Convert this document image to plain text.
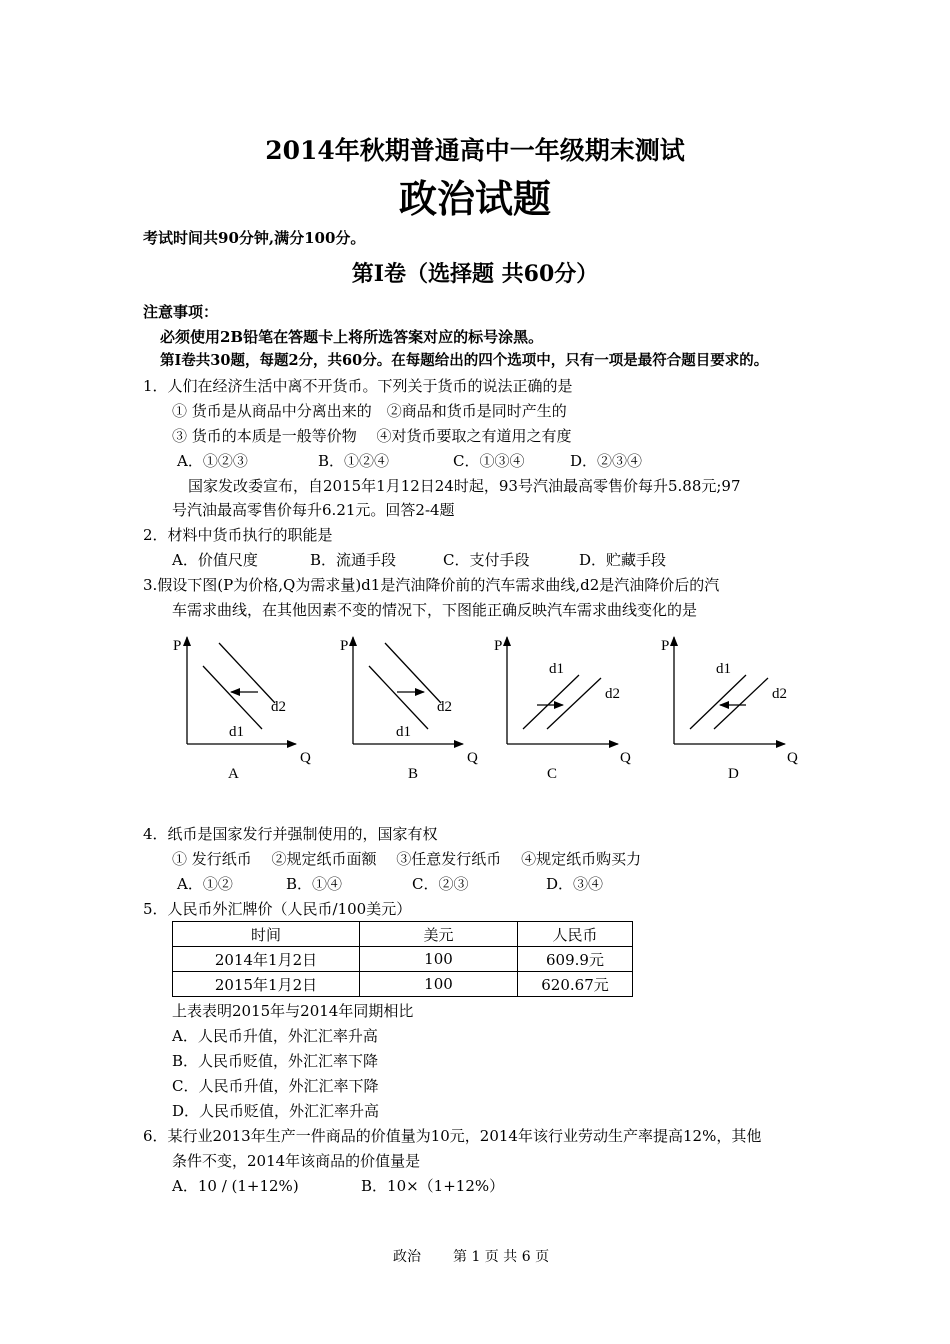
2014年秋期普通高中一年级期末测试
政治试题
考试时间共90分钟,满分100分。
第Ⅰ卷（选择题 共60分）
注意事项：
必须使用2B铅笔在答题卡上将所选答案对应的标号涂黑。
第Ⅰ卷共30题，每题2分，共60分。在每题给出的四个选项中，只有一项是最符合题目要求的。
1．人们在经济生活中离不开货币。下列关于货币的说法正确的是
① 货币是从商品中分离出来的　②商品和货币是同时产生的
③ 货币的本质是一般等价物　 ④对货币要取之有道用之有度
A．①②③	B．①②④	C．①③④	D．②③④
国家发改委宣布，自2015年1月12日24时起，93号汽油最高零售价每升5.88元;97
号汽油最高零售价每升6.21元。回答2-4题
2．材料中货币执行的职能是
A．价值尺度	B．流通手段	C．支付手段	D．贮藏手段
3.假设下图(P为价格,Q为需求量)d1是汽油降价前的汽车需求曲线,d2是汽油降价后的汽
车需求曲线，在其他因素不变的情况下，下图能正确反映汽车需求曲线变化的是
P
Q
d1
d2
A
P
Q
d1
d2
B
P
Q
d1
d2
C
P
Q
d1
d2
D
4．纸币是国家发行并强制使用的，国家有权
① 发行纸币　 ②规定纸币面额　 ③任意发行纸币　 ④规定纸币购买力
A．①②	B．①④	C．②③	D．③④
5．人民币外汇牌价（人民币/100美元）
时间	美元	人民币
2014年1月2日	100	609.9元
2015年1月2日	100	620.67元
上表表明2015年与2014年同期相比
A．人民币升值，外汇汇率升高
B．人民币贬值，外汇汇率下降
C．人民币升值，外汇汇率下降
D．人民币贬值，外汇汇率升高
6．某行业2013年生产一件商品的价值量为10元，2014年该行业劳动生产率提高12%，其他
条件不变，2014年该商品的价值量是
A．10 / (1+12%)	B．10×（1+12%）
政治 第 1 页 共 6 页
